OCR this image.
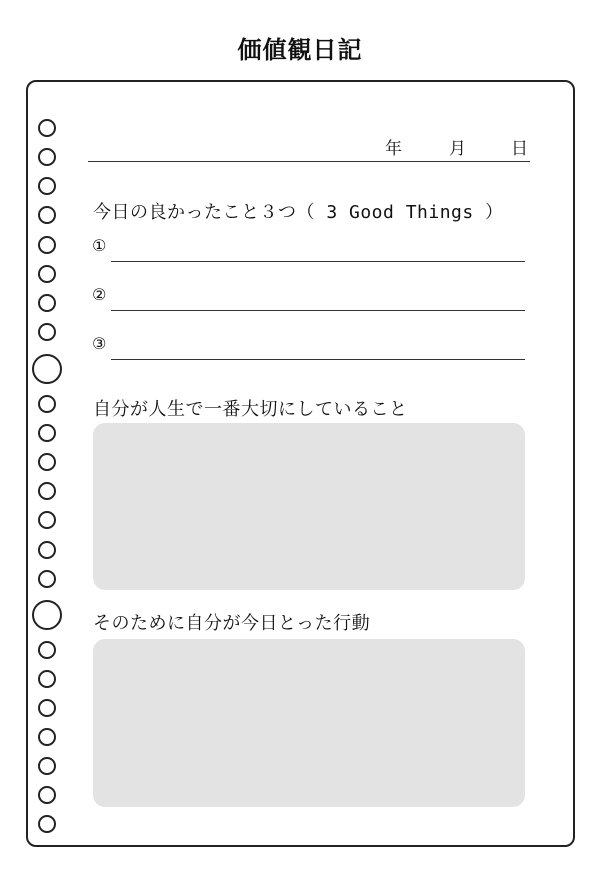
価値観日記
年	月	日
今日の良かったこと３つ（ 3 Good Things ）
①
②
③
自分が人生で一番大切にしていること
そのために自分が今日とった行動
